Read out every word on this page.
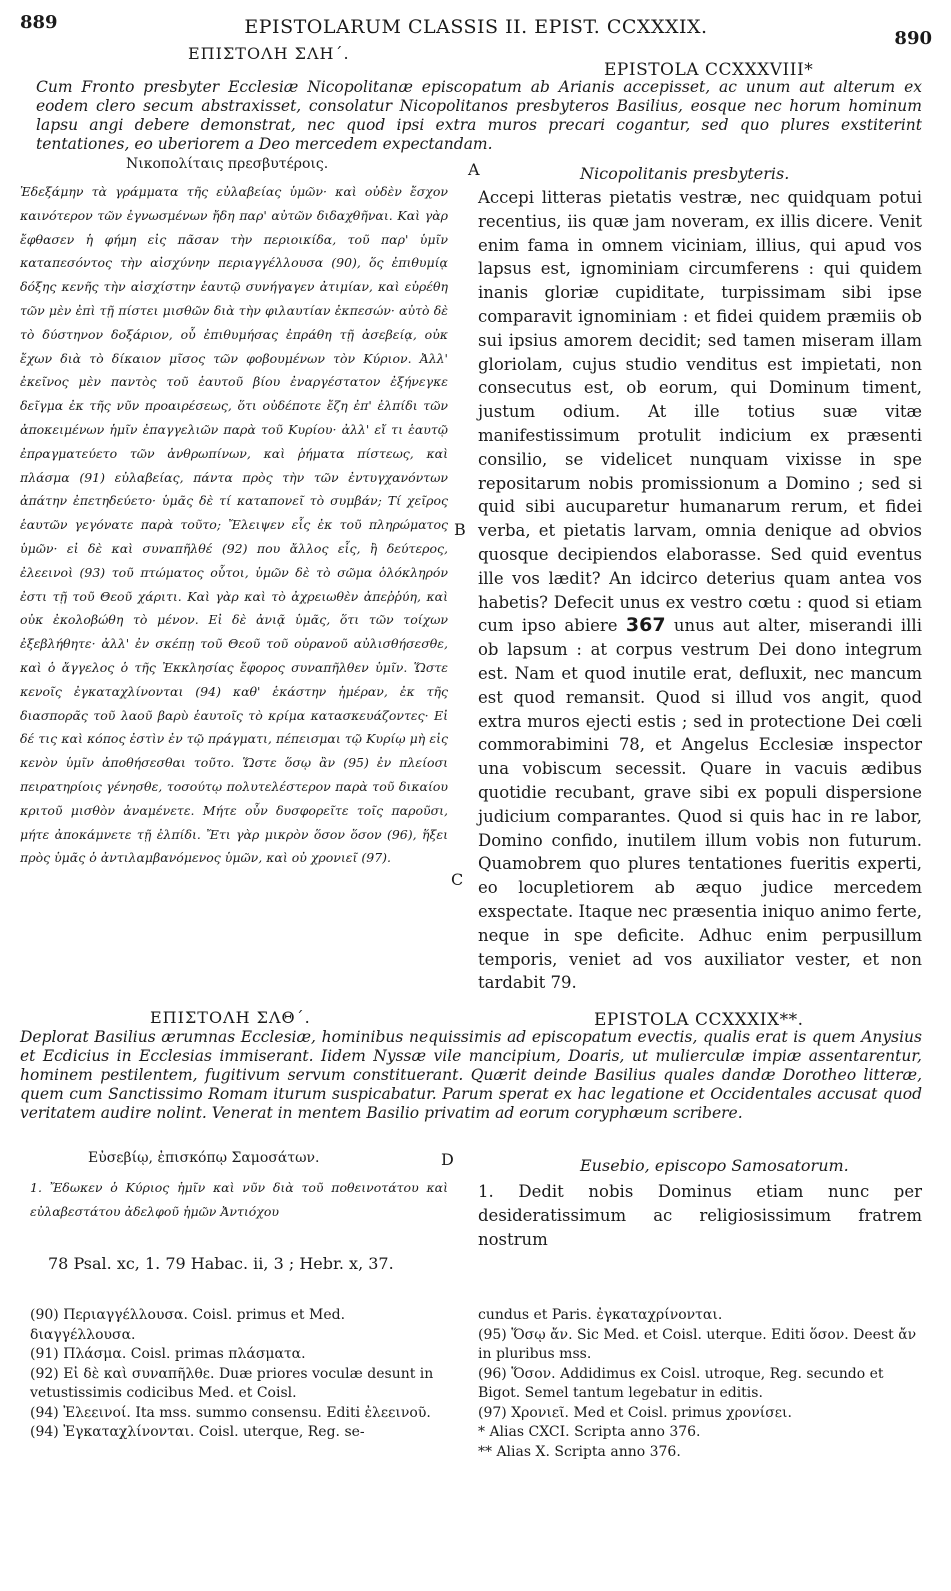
889	EPISTOLARUM CLASSIS II. EPIST. CCXXXIX.
890
ΕΠΙΣΤΟΛΗ ΣΛΗ΄.
EPISTOLA CCXXXVIII*

Cum Fronto presbyter Ecclesiæ Nicopolitanæ episcopatum ab Arianis accepisset, ac unum aut alterum ex eodem clero secum abstraxisset, consolatur Nicopolitanos presbyteros Basilius, eosque nec horum hominum lapsu angi debere demonstrat, nec quod ipsi extra muros precari cogantur, sed quo plures exstiterint tentationes, eo uberiorem a Deo mercedem expectandam.

Νικοπολίταις πρεσβυτέροις.	A	Nicopolitanis presbyteris.

Ἐδεξάμην τὰ γράμματα τῆς εὐλαβείας ὑμῶν· καὶ οὐδὲν ἔσχον καινότερον τῶν ἐγνωσμένων ἤδη παρ' αὐτῶν διδαχθῆναι. Καὶ γὰρ ἔφθασεν ἡ φήμη εἰς πᾶσαν τὴν περιοικίδα, τοῦ παρ' ὑμῖν καταπεσόντος τὴν αἰσχύνην περιαγγέλλουσα (90), ὅς ἐπιθυμίᾳ δόξης κενῆς τὴν αἰσχίστην ἑαυτῷ συνήγαγεν ἀτιμίαν, καὶ εὑρέθη τῶν μὲν ἐπὶ τῇ πίστει μισθῶν διὰ τὴν φιλαυτίαν ἐκπεσών· αὐτὸ δὲ τὸ δύστηνον δοξάριον, οὗ ἐπιθυμήσας ἐπράθη τῇ ἀσεβείᾳ, οὐκ ἔχων διὰ τὸ δίκαιον μῖσος τῶν φοβουμένων τὸν Κύριον. Ἀλλ' ἐκεῖνος μὲν παντὸς τοῦ ἑαυτοῦ βίου ἐναργέστατον ἐξήνεγκε δεῖγμα ἐκ τῆς νῦν προαιρέσεως, ὅτι οὐδέποτε ἔζη ἐπ' ἐλπίδι τῶν ἀποκειμένων ἡμῖν ἐπαγγελιῶν παρὰ τοῦ Κυρίου· ἀλλ' εἴ τι ἑαυτῷ ἐπραγματεύετο τῶν ἀνθρωπίνων, καὶ ῥήματα πίστεως, καὶ πλάσμα (91) εὐλαβείας, πάντα πρὸς τὴν τῶν ἐντυγχανόντων ἀπάτην ἐπετηδεύετο· ὑμᾶς δὲ τί καταπονεῖ τὸ συμβάν; Τί χεῖρος ἑαυτῶν γεγόνατε παρὰ τοῦτο; Ἔλειψεν εἷς ἐκ τοῦ πληρώματος ὑμῶν· εἰ δὲ καὶ συναπῆλθέ (92) που ἄλλος εἷς, ἢ δεύτερος, ἐλεεινοὶ (93) τοῦ πτώματος οὗτοι, ὑμῶν δὲ τὸ σῶμα ὁλόκληρόν ἐστι τῇ τοῦ Θεοῦ χάριτι. Καὶ γὰρ καὶ τὸ ἀχρειωθὲν ἀπεῤῥύη, καὶ οὐκ ἐκολοβώθη τὸ μένον. Εἰ δὲ ἀνιᾷ ὑμᾶς, ὅτι τῶν τοίχων ἐξεβλήθητε· ἀλλ' ἐν σκέπῃ τοῦ Θεοῦ τοῦ οὐρανοῦ αὐλισθήσεσθε, καὶ ὁ ἄγγελος ὁ τῆς Ἐκκλησίας ἔφορος συναπῆλθεν ὑμῖν. Ὥστε κενοῖς ἐγκαταχλίνονται (94) καθ' ἑκάστην ἡμέραν, ἐκ τῆς διασπορᾶς τοῦ λαοῦ βαρὺ ἑαυτοῖς τὸ κρίμα κατασκευάζοντες· Εἰ δέ τις καὶ κόπος ἐστὶν ἐν τῷ πράγματι, πέπεισμαι τῷ Κυρίῳ μὴ εἰς κενὸν ὑμῖν ἀποθήσεσθαι τοῦτο. Ὥστε ὅσῳ ἂν (95) ἐν πλείοσι πειρατηρίοις γένησθε, τοσούτῳ πολυτελέστερον παρὰ τοῦ δικαίου κριτοῦ μισθὸν ἀναμένετε. Μήτε οὖν δυσφορεῖτε τοῖς παροῦσι, μήτε ἀποκάμνετε τῇ ἐλπίδι. Ἔτι γὰρ μικρὸν ὅσον ὅσον (96), ἥξει πρὸς ὑμᾶς ὁ ἀντιλαμβανόμενος ὑμῶν, καὶ οὐ χρονιεῖ (97).

Accepi litteras pietatis vestræ, nec quidquam potui recentius, iis quæ jam noveram, ex illis dicere. Venit enim fama in omnem viciniam, illius, qui apud vos lapsus est, ignominiam circumferens : qui quidem inanis gloriæ cupiditate, turpissimam sibi ipse comparavit ignominiam : et fidei quidem præmiis ob sui ipsius amorem decidit; sed tamen miseram illam gloriolam, cujus studio venditus est impietati, non consecutus est, ob eorum, qui Dominum timent, justum odium. At ille totius suæ vitæ manifestissimum protulit indicium ex præsenti consilio, se videlicet nunquam vixisse in spe repositarum nobis promissionum a Domino ; sed si quid sibi aucuparetur humanarum rerum, et fidei verba, et pietatis larvam, omnia denique ad obvios quosque decipiendos elaborasse. Sed quid eventus ille vos lædit? An idcirco deterius quam antea vos habetis? Defecit unus ex vestro cœtu : quod si etiam cum ipso abiere 367 unus aut alter, miserandi illi ob lapsum : at corpus vestrum Dei dono integrum est. Nam et quod inutile erat, defluxit, nec mancum est quod remansit. Quod si illud vos angit, quod extra muros ejecti estis ; sed in protectione Dei cœli commorabimini 78, et Angelus Ecclesiæ inspector una vobiscum secessit. Quare in vacuis ædibus quotidie recubant, grave sibi ex populi dispersione judicium comparantes. Quod si quis hac in re labor, Domino confido, inutilem illum vobis non futurum. Quamobrem quo plures tentationes fueritis experti, eo locupletiorem ab æquo judice mercedem exspectate. Itaque nec præsentia iniquo animo ferte, neque in spe deficite. Adhuc enim perpusillum temporis, veniet ad vos auxiliator vester, et non tardabit 79.

B
C
ΕΠΙΣΤΟΛΗ ΣΛΘ΄.	EPISTOLA CCXXXIX**.

Deplorat Basilius ærumnas Ecclesiæ, hominibus nequissimis ad episcopatum evectis, qualis erat is quem Anysius et Ecdicius in Ecclesias immiserant. Iidem Nyssæ vile mancipium, Doaris, ut mulierculæ impiæ assentarentur, hominem pestilentem, fugitivum servum constituerant. Quærit deinde Basilius quales dandæ Dorotheo litteræ, quem cum Sanctissimo Romam iturum suspicabatur. Parum sperat ex hac legatione et Occidentales accusat quod veritatem audire nolint. Venerat in mentem Basilio privatim ad eorum coryphæum scribere.

Εὐσεβίῳ, ἐπισκόπῳ Σαμοσάτων.	D	Eusebio, episcopo Samosatorum.

1. Ἔδωκεν ὁ Κύριος ἡμῖν καὶ νῦν διὰ τοῦ ποθεινοτάτου καὶ εὐλαβεστάτου ἀδελφοῦ ἡμῶν Ἀντιόχου

1. Dedit nobis Dominus etiam nunc per desideratissimum ac religiosissimum fratrem nostrum

78 Psal. xc, 1. 79 Habac. ii, 3 ; Hebr. x, 37.

(90) Περιαγγέλλουσα. Coisl. primus et Med. διαγγέλλουσα.

(91) Πλάσμα. Coisl. primas πλάσματα.

(92) Εἰ δὲ καὶ συναπῆλθε. Duæ priores voculæ desunt in vetustissimis codicibus Med. et Coisl.

(94) Ἐλεεινοί. Ita mss. summo consensu. Editi ἐλεεινοῦ.

(94) Ἐγκαταχλίνονται. Coisl. uterque, Reg. se-

cundus et Paris. ἐγκαταχρίνονται.

(95) Ὅσῳ ἄν. Sic Med. et Coisl. uterque. Editi ὅσον. Deest ἄν in pluribus mss.

(96) Ὅσον. Addidimus ex Coisl. utroque, Reg. secundo et Bigot. Semel tantum legebatur in editis.

(97) Χρονιεῖ. Med et Coisl. primus χρονίσει.

* Alias CXCI. Scripta anno 376.

** Alias X. Scripta anno 376.
